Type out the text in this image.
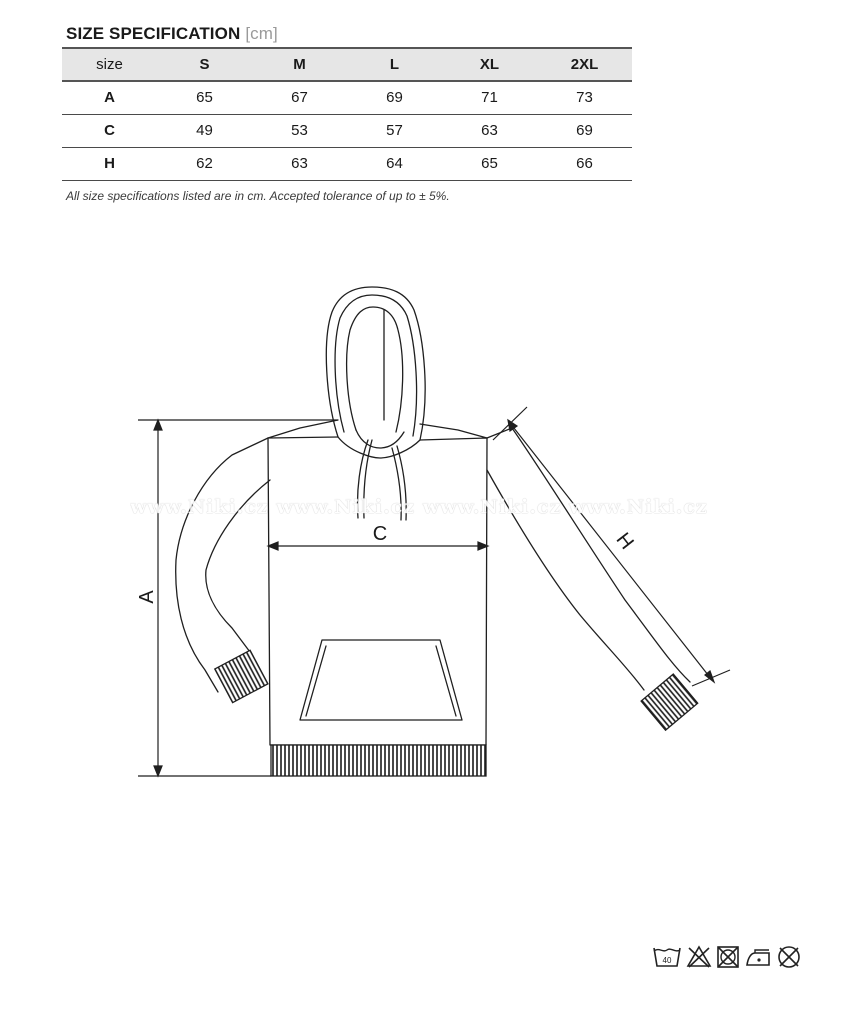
SIZE SPECIFICATION [cm]
size	S	M	L	XL	2XL
A	65	67	69	71	73
C	49	53	57	63	69
H	62	63	64	65	66
All size specifications listed are in cm. Accepted tolerance of up to ± 5%.
A
C	H
www.Niki.cz www.Niki.cz www.Niki.cz www.Niki.cz
40
